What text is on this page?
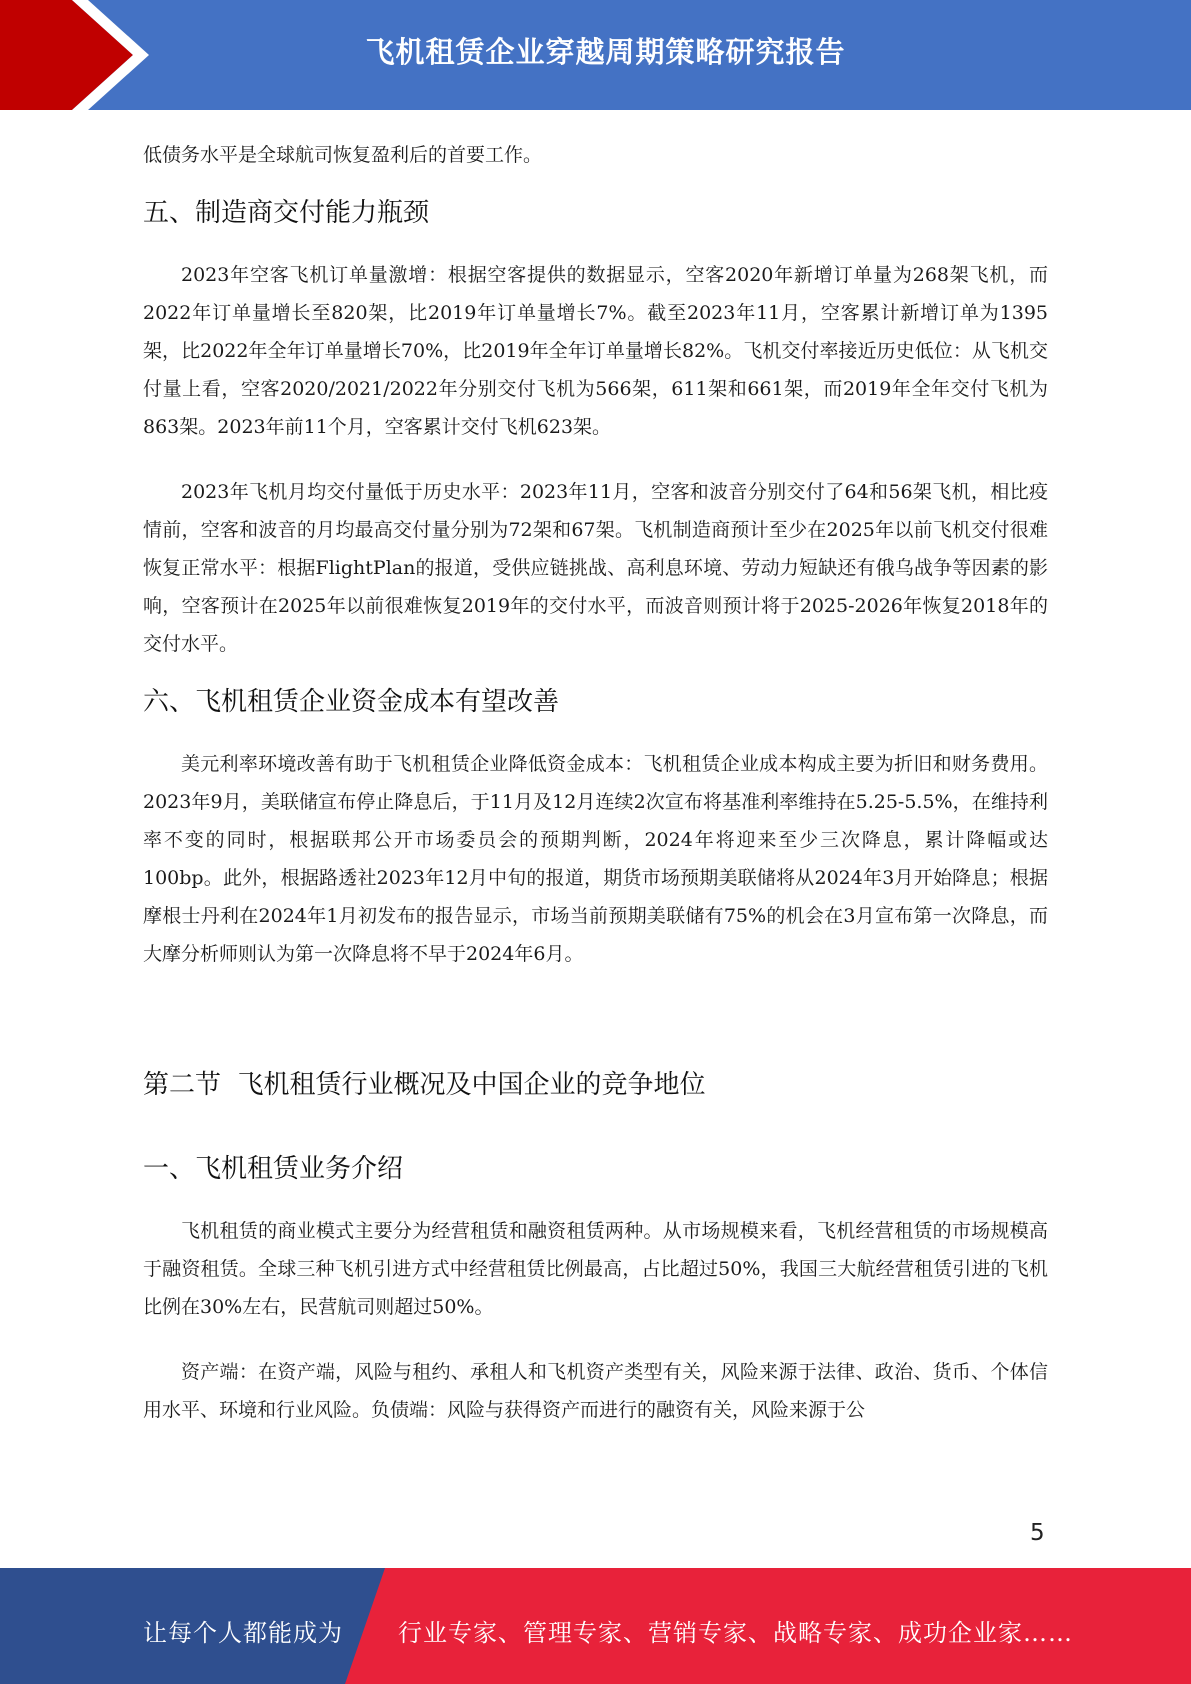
飞机租赁企业穿越周期策略研究报告

低债务水平是全球航司恢复盈利后的首要工作。

五、制造商交付能力瓶颈

2023年空客飞机订单量激增：根据空客提供的数据显示，空客2020年新增订单量为268架飞机，而2022年订单量增长至820架，比2019年订单量增长7%。截至2023年11月，空客累计新增订单为1395架，比2022年全年订单量增长70%，比2019年全年订单量增长82%。飞机交付率接近历史低位：从飞机交付量上看，空客2020/2021/2022年分别交付飞机为566架，611架和661架，而2019年全年交付飞机为863架。2023年前11个月，空客累计交付飞机623架。

2023年飞机月均交付量低于历史水平：2023年11月，空客和波音分别交付了64和56架飞机，相比疫情前，空客和波音的月均最高交付量分别为72架和67架。飞机制造商预计至少在2025年以前飞机交付很难恢复正常水平：根据FlightPlan的报道，受供应链挑战、高利息环境、劳动力短缺还有俄乌战争等因素的影响，空客预计在2025年以前很难恢复2019年的交付水平，而波音则预计将于2025-2026年恢复2018年的交付水平。

六、飞机租赁企业资金成本有望改善

美元利率环境改善有助于飞机租赁企业降低资金成本：飞机租赁企业成本构成主要为折旧和财务费用。2023年9月，美联储宣布停止降息后，于11月及12月连续2次宣布将基准利率维持在5.25-5.5%，在维持利率不变的同时，根据联邦公开市场委员会的预期判断，2024年将迎来至少三次降息，累计降幅或达100bp。此外，根据路透社2023年12月中旬的报道，期货市场预期美联储将从2024年3月开始降息；根据摩根士丹利在2024年1月初发布的报告显示，市场当前预期美联储有75%的机会在3月宣布第一次降息，而大摩分析师则认为第一次降息将不早于2024年6月。

第二节  飞机租赁行业概况及中国企业的竞争地位
一、飞机租赁业务介绍

飞机租赁的商业模式主要分为经营租赁和融资租赁两种。从市场规模来看，飞机经营租赁的市场规模高于融资租赁。全球三种飞机引进方式中经营租赁比例最高，占比超过50%，我国三大航经营租赁引进的飞机比例在30%左右，民营航司则超过50%。

资产端：在资产端，风险与租约、承租人和飞机资产类型有关，风险来源于法律、政治、货币、个体信用水平、环境和行业风险。负债端：风险与获得资产而进行的融资有关，风险来源于公

5
让每个人都能成为 行业专家、管理专家、营销专家、战略专家、成功企业家……
